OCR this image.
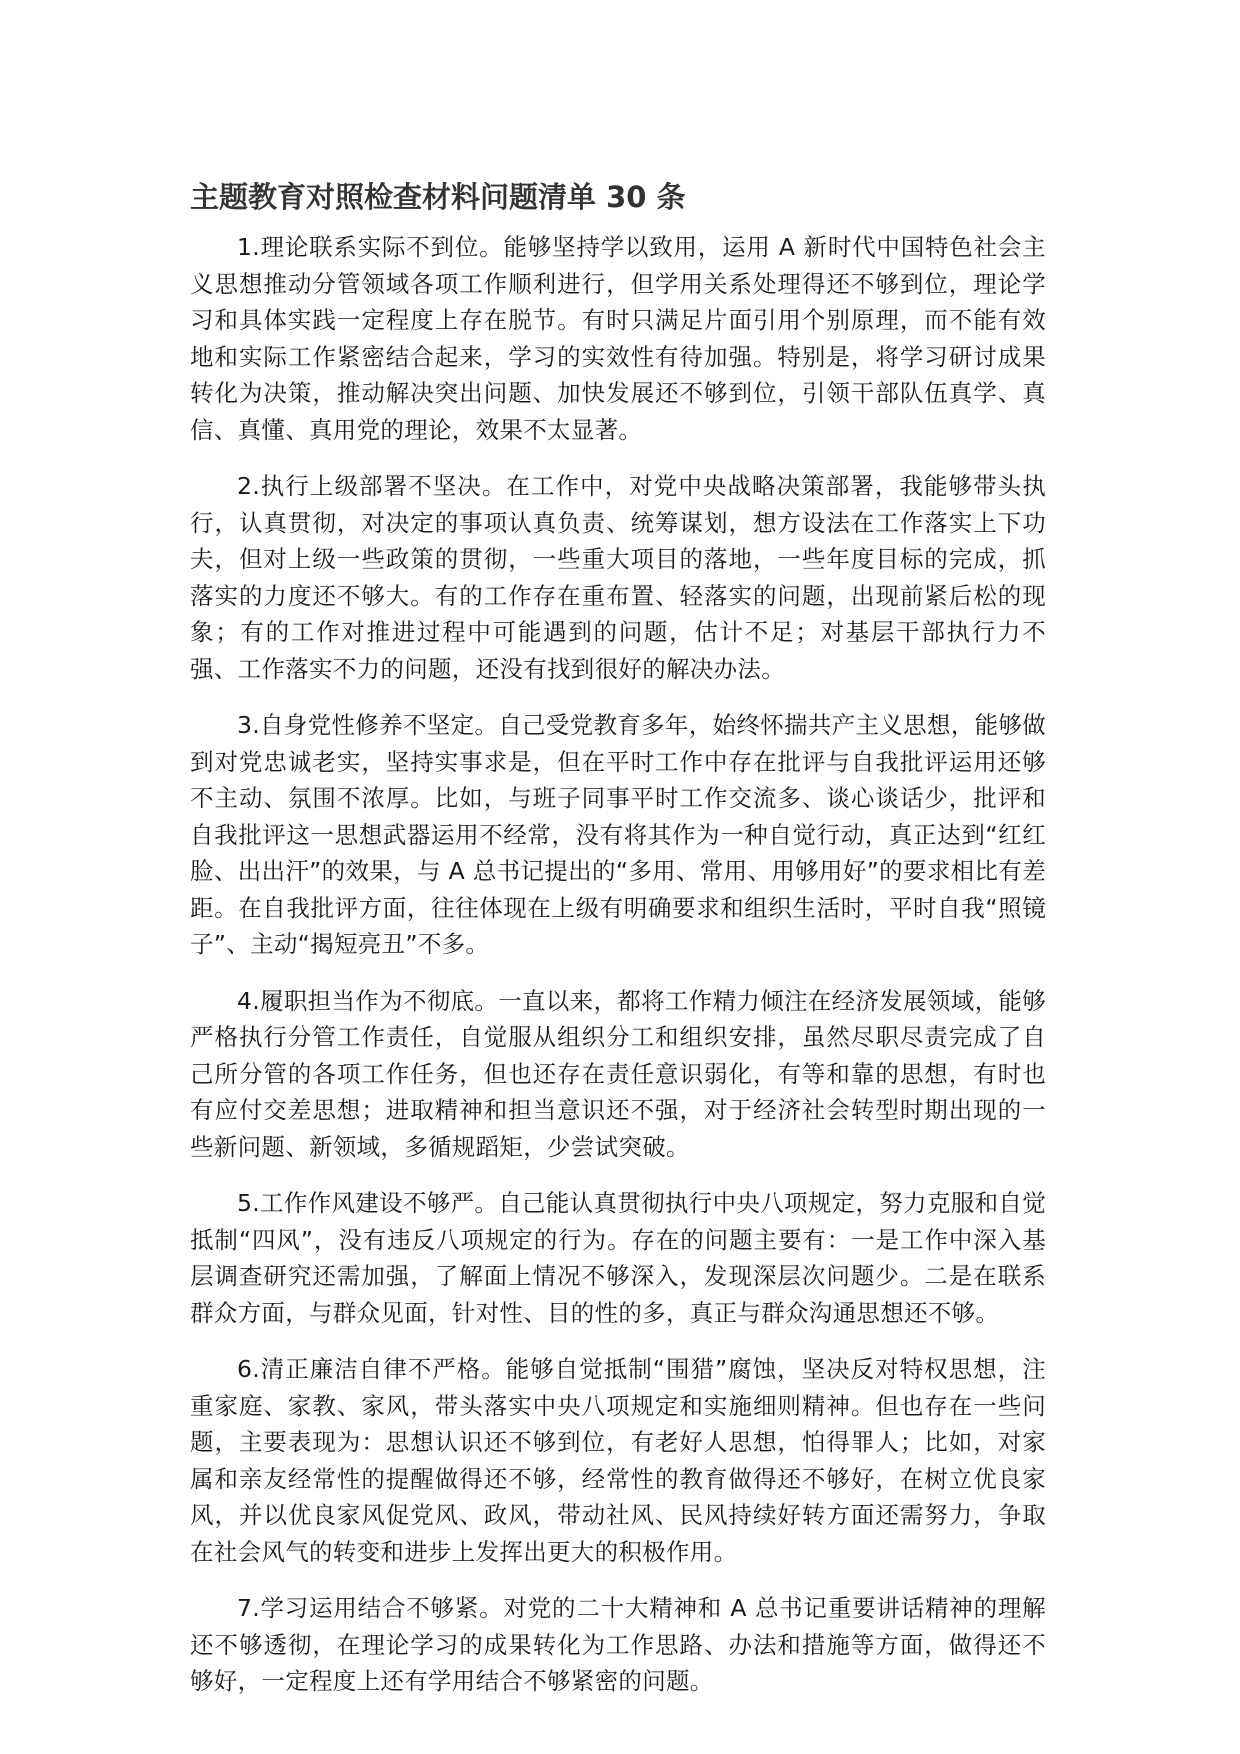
主题教育对照检查材料问题清单 30 条

1.理论联系实际不到位。能够坚持学以致用，运用 A 新时代中国特色社会主义思想推动分管领域各项工作顺利进行，但学用关系处理得还不够到位，理论学习和具体实践一定程度上存在脱节。有时只满足片面引用个别原理，而不能有效地和实际工作紧密结合起来，学习的实效性有待加强。特别是，将学习研讨成果转化为决策，推动解决突出问题、加快发展还不够到位，引领干部队伍真学、真信、真懂、真用党的理论，效果不太显著。

2.执行上级部署不坚决。在工作中，对党中央战略决策部署，我能够带头执行，认真贯彻，对决定的事项认真负责、统筹谋划，想方设法在工作落实上下功夫，但对上级一些政策的贯彻，一些重大项目的落地，一些年度目标的完成，抓落实的力度还不够大。有的工作存在重布置、轻落实的问题，出现前紧后松的现象；有的工作对推进过程中可能遇到的问题，估计不足；对基层干部执行力不强、工作落实不力的问题，还没有找到很好的解决办法。

3.自身党性修养不坚定。自己受党教育多年，始终怀揣共产主义思想，能够做到对党忠诚老实，坚持实事求是，但在平时工作中存在批评与自我批评运用还够不主动、氛围不浓厚。比如，与班子同事平时工作交流多、谈心谈话少，批评和自我批评这一思想武器运用不经常，没有将其作为一种自觉行动，真正达到“红红脸、出出汗”的效果，与 A 总书记提出的“多用、常用、用够用好”的要求相比有差距。在自我批评方面，往往体现在上级有明确要求和组织生活时，平时自我“照镜子”、主动“揭短亮丑”不多。

4.履职担当作为不彻底。一直以来，都将工作精力倾注在经济发展领域，能够严格执行分管工作责任，自觉服从组织分工和组织安排，虽然尽职尽责完成了自己所分管的各项工作任务，但也还存在责任意识弱化，有等和靠的思想，有时也有应付交差思想；进取精神和担当意识还不强，对于经济社会转型时期出现的一些新问题、新领域，多循规蹈矩，少尝试突破。

5.工作作风建设不够严。自己能认真贯彻执行中央八项规定，努力克服和自觉抵制“四风”，没有违反八项规定的行为。存在的问题主要有：一是工作中深入基层调查研究还需加强，了解面上情况不够深入，发现深层次问题少。二是在联系群众方面，与群众见面，针对性、目的性的多，真正与群众沟通思想还不够。

6.清正廉洁自律不严格。能够自觉抵制“围猎”腐蚀，坚决反对特权思想，注重家庭、家教、家风，带头落实中央八项规定和实施细则精神。但也存在一些问题，主要表现为：思想认识还不够到位，有老好人思想，怕得罪人；比如，对家属和亲友经常性的提醒做得还不够，经常性的教育做得还不够好，在树立优良家风，并以优良家风促党风、政风，带动社风、民风持续好转方面还需努力，争取在社会风气的转变和进步上发挥出更大的积极作用。

7.学习运用结合不够紧。对党的二十大精神和 A 总书记重要讲话精神的理解还不够透彻，在理论学习的成果转化为工作思路、办法和措施等方面，做得还不够好，一定程度上还有学用结合不够紧密的问题。
